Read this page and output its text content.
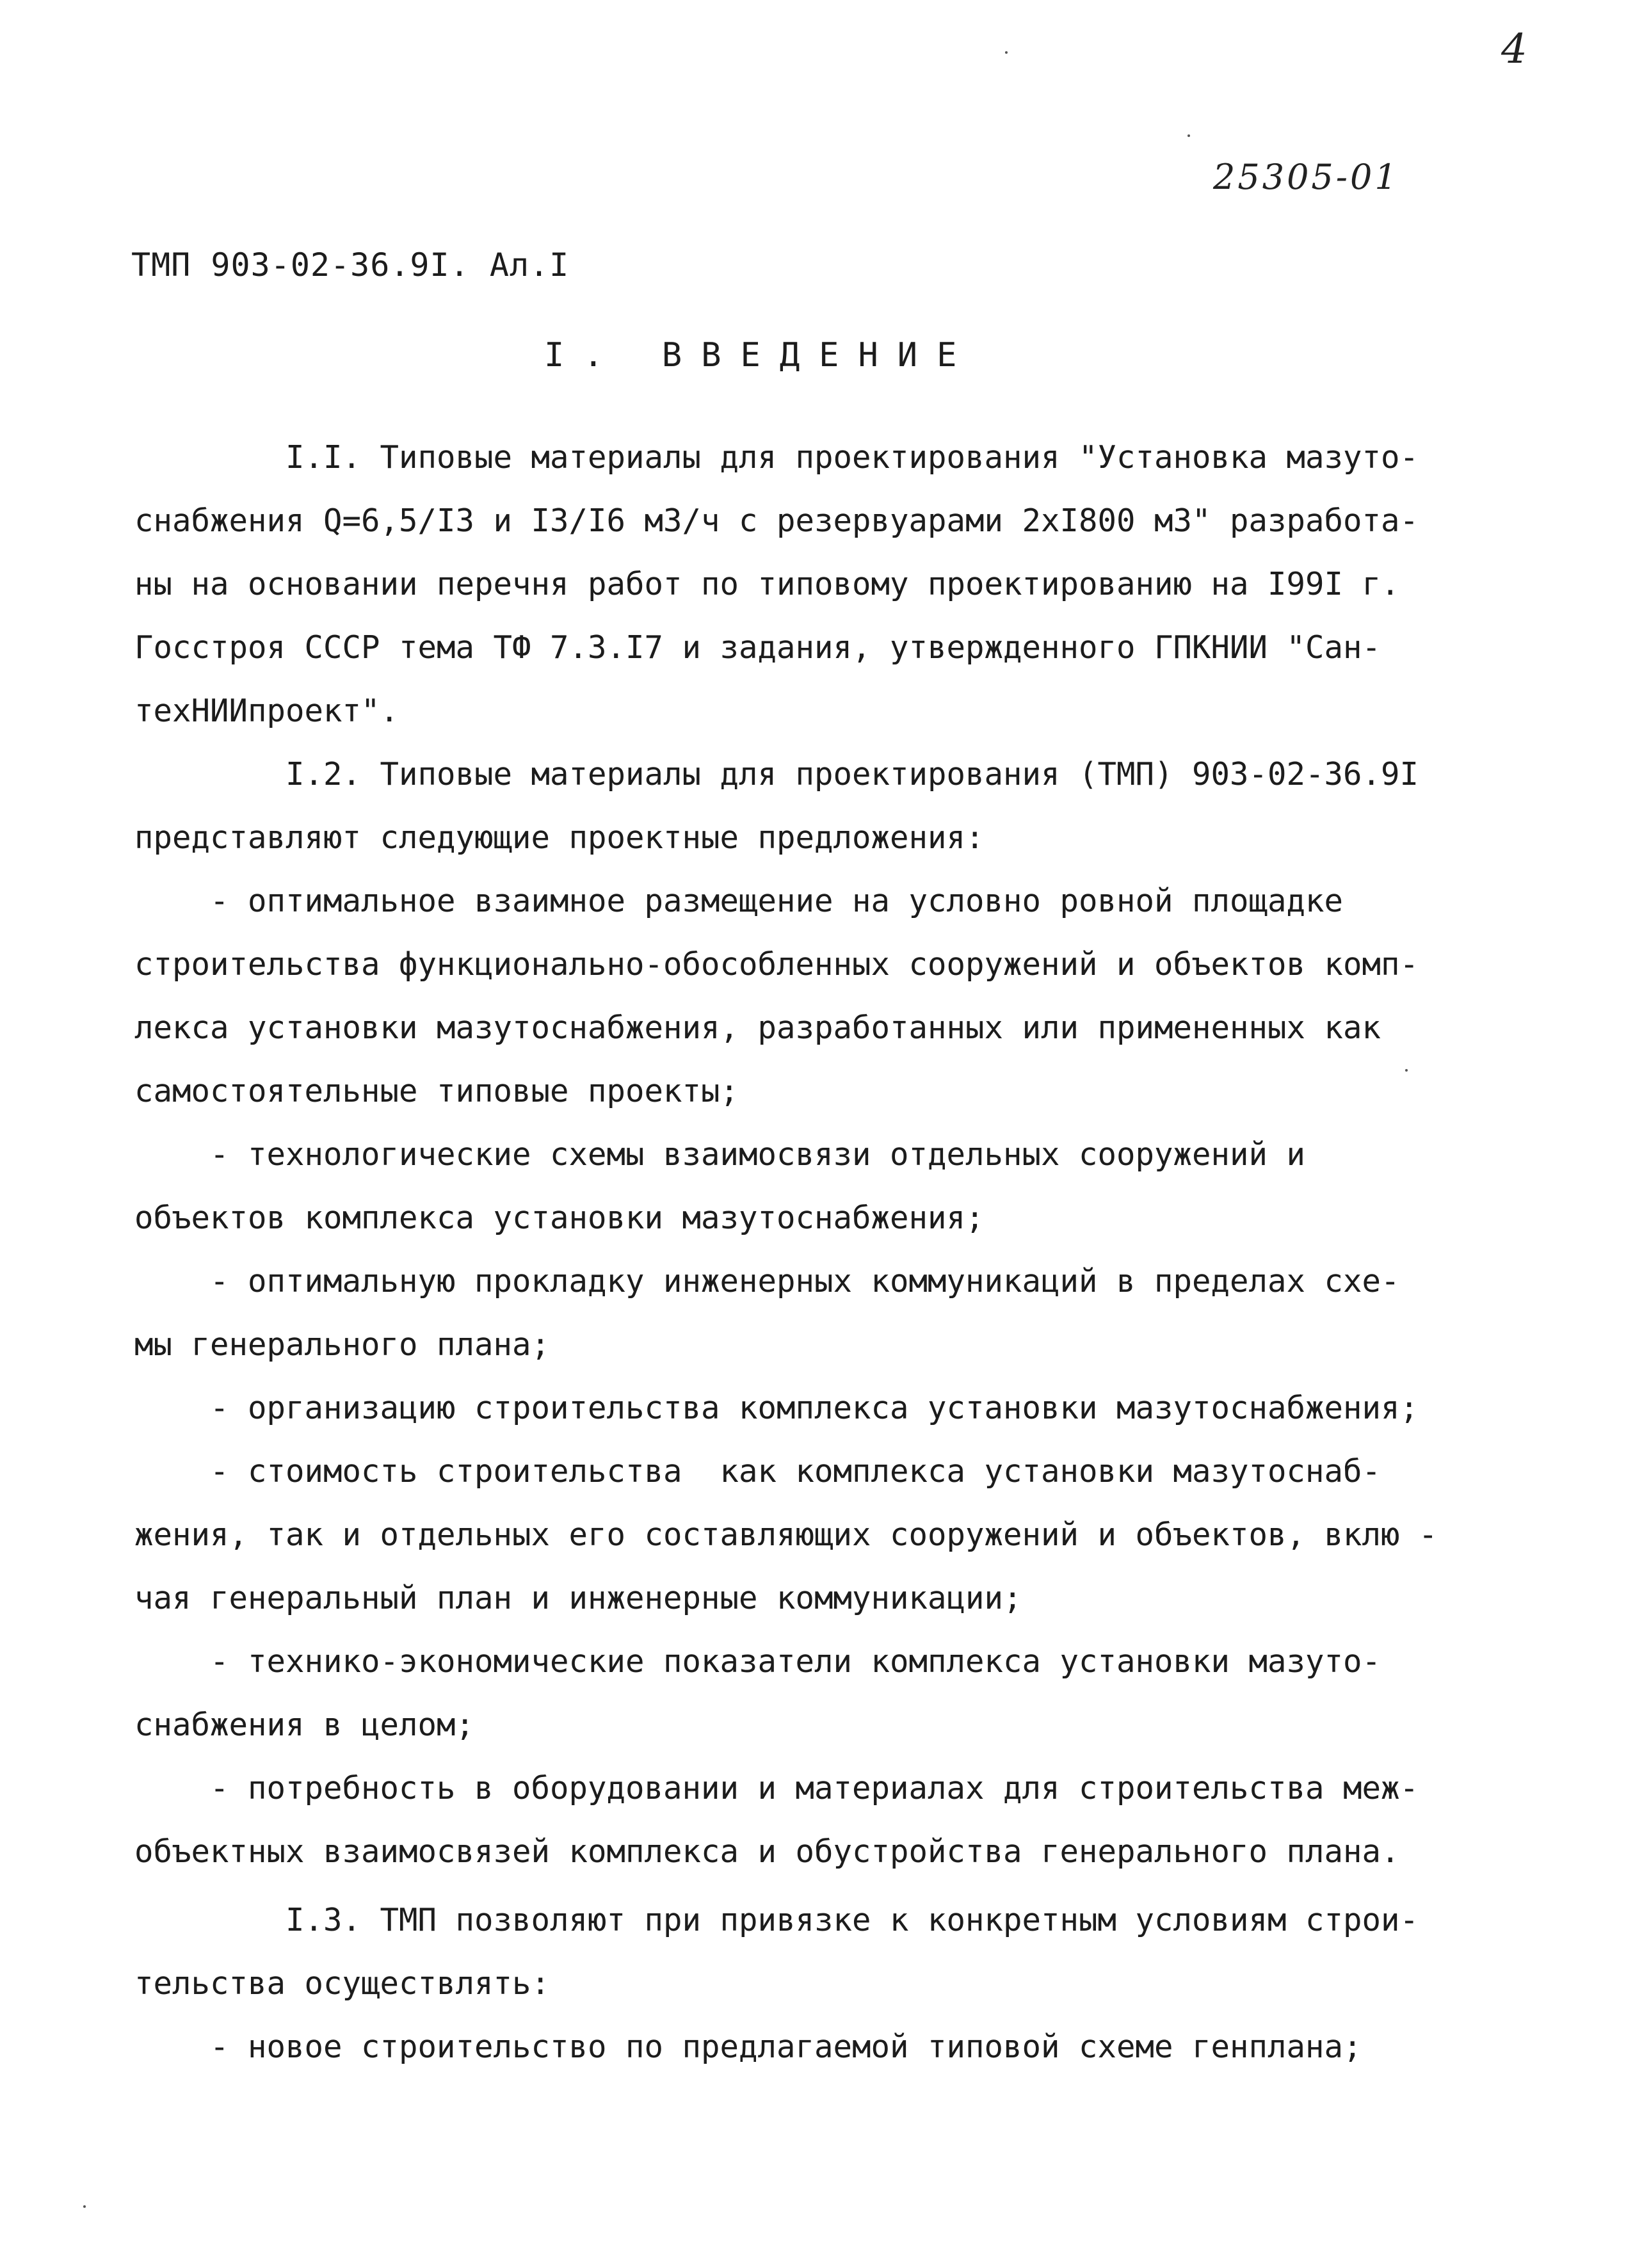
4
25305-01
ТМП 903-02-36.9I. Ал.I
I. ВВЕДЕНИЕ
I.I. Типовые материалы для проектирования "Установка мазуто-
снабжения Q=6,5/I3 и I3/I6 м3/ч с резервуарами 2хI800 м3" разработа-
ны на основании перечня работ по типовому проектированию на I99I г.
Госстроя СССР тема ТФ 7.3.I7 и задания, утвержденного ГПКНИИ "Сан-
техНИИпроект".
I.2. Типовые материалы для проектирования (ТМП) 903-02-36.9I
представляют следующие проектные предложения:
- оптимальное взаимное размещение на условно ровной площадке
строительства функционально-обособленных сооружений и объектов комп-
лекса установки мазутоснабжения, разработанных или примененных как
самостоятельные типовые проекты;
- технологические схемы взаимосвязи отдельных сооружений и
объектов комплекса установки мазутоснабжения;
- оптимальную прокладку инженерных коммуникаций в пределах схе-
мы генерального плана;
- организацию строительства комплекса установки мазутоснабжения;
- стоимость строительства  как комплекса установки мазутоснаб-
жения, так и отдельных его составляющих сооружений и объектов, вклю -
чая генеральный план и инженерные коммуникации;
- технико-экономические показатели комплекса установки мазуто-
снабжения в целом;
- потребность в оборудовании и материалах для строительства меж-
объектных взаимосвязей комплекса и обустройства генерального плана.
I.3. ТМП позволяют при привязке к конкретным условиям строи-
тельства осуществлять:
- новое строительство по предлагаемой типовой схеме генплана;
